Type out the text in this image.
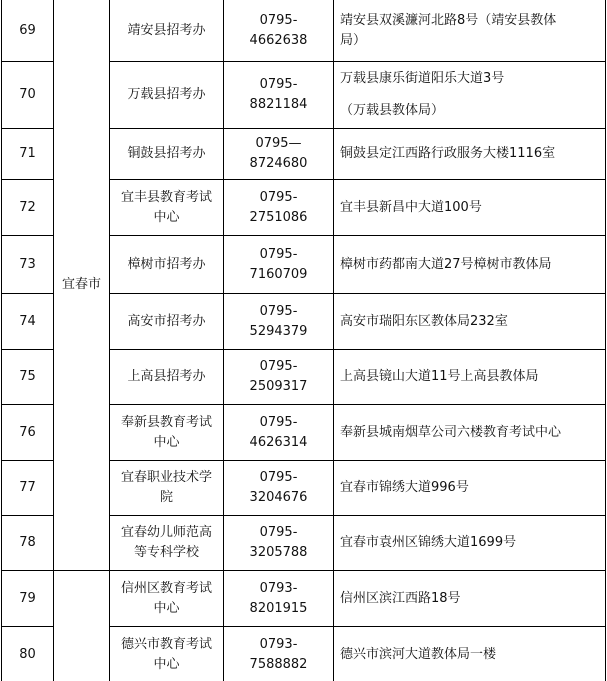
69	宜春市	靖安县招考办	0795-
4662638	靖安县双溪濂河北路8号（靖安县教体
局）

70		万载县招考办	0795-
8821184	万载县康乐街道阳乐大道3号
（万载县教体局）

71		铜鼓县招考办	0795—
8724680	铜鼓县定江西路行政服务大楼1116室

72		宜丰县教育考试
中心	0795-
2751086	宜丰县新昌中大道100号

73		樟树市招考办	0795-
7160709	樟树市药都南大道27号樟树市教体局

74		高安市招考办	0795-
5294379	高安市瑞阳东区教体局232室

75		上高县招考办	0795-
2509317	上高县镜山大道11号上高县教体局

76		奉新县教育考试
中心	0795-
4626314	奉新县城南烟草公司六楼教育考试中心

77		宜春职业技术学
院	0795-
3204676	宜春市锦绣大道996号

78		宜春幼儿师范高
等专科学校	0795-
3205788	宜春市袁州区锦绣大道1699号

79		信州区教育考试
中心	0793-
8201915	信州区滨江西路18号

80		德兴市教育考试
中心	0793-
7588882	德兴市滨河大道教体局一楼
